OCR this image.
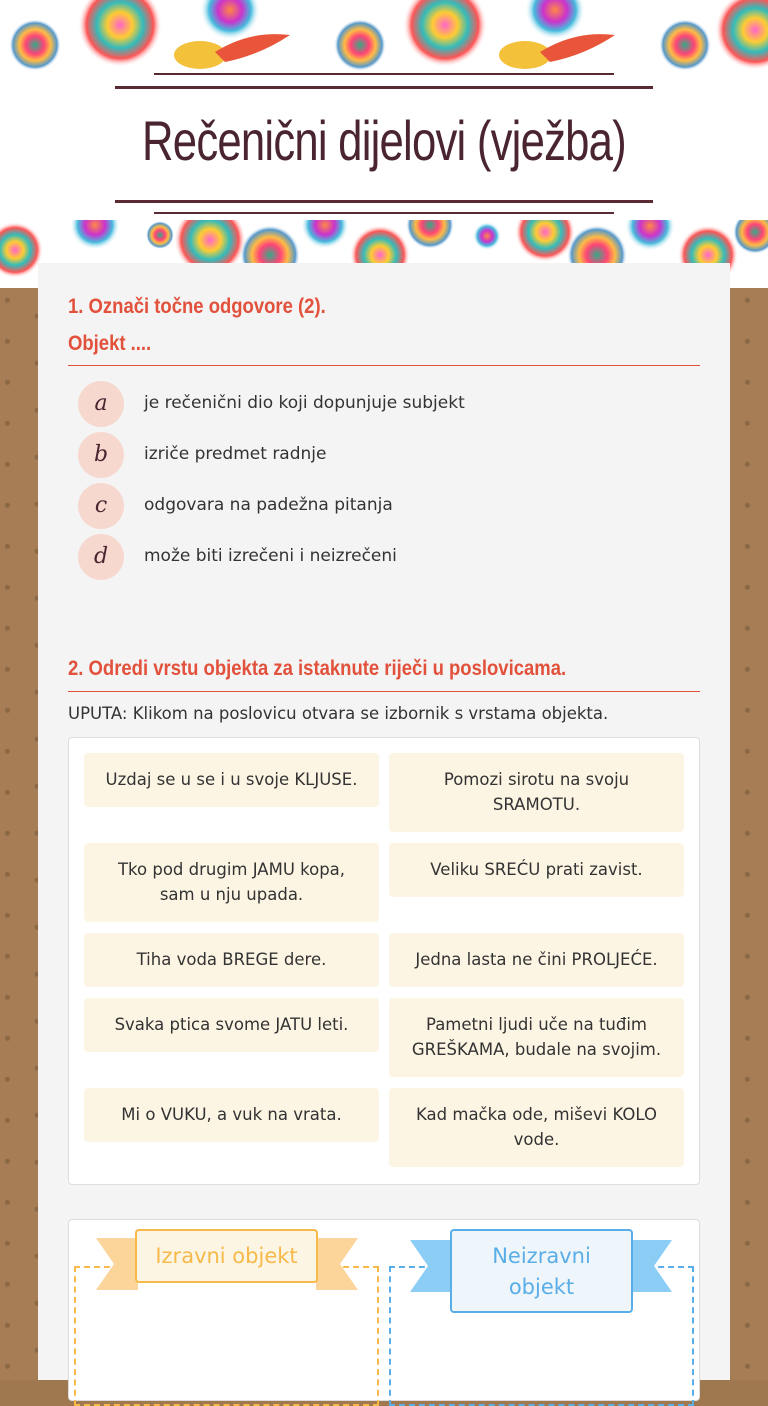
Rečenični dijelovi (vježba)
1. Označi točne odgovore (2).
Objekt ....
a	je rečenični dio koji dopunjuje subjekt
b	izriče predmet radnje
c	odgovara na padežna pitanja
d	može biti izrečeni i neizrečeni
2. Odredi vrstu objekta za istaknute riječi u poslovicama.
UPUTA: Klikom na poslovicu otvara se izbornik s vrstama objekta.
Uzdaj se u se i u svoje KLJUSE.	Pomozi sirotu na svoju
SRAMOTU.
Tko pod drugim JAMU kopa,
sam u nju upada.
Veliku SREĆU prati zavist.
Tiha voda BREGE dere.	Jedna lasta ne čini PROLJEĆE.
Svaka ptica svome JATU leti.	Pametni ljudi uče na tuđim
GREŠKAMA, budale na svojim.
Mi o VUKU, a vuk na vrata.	Kad mačka ode, miševi KOLO
vode.
Izravni objekt	Neizravni
objekt
